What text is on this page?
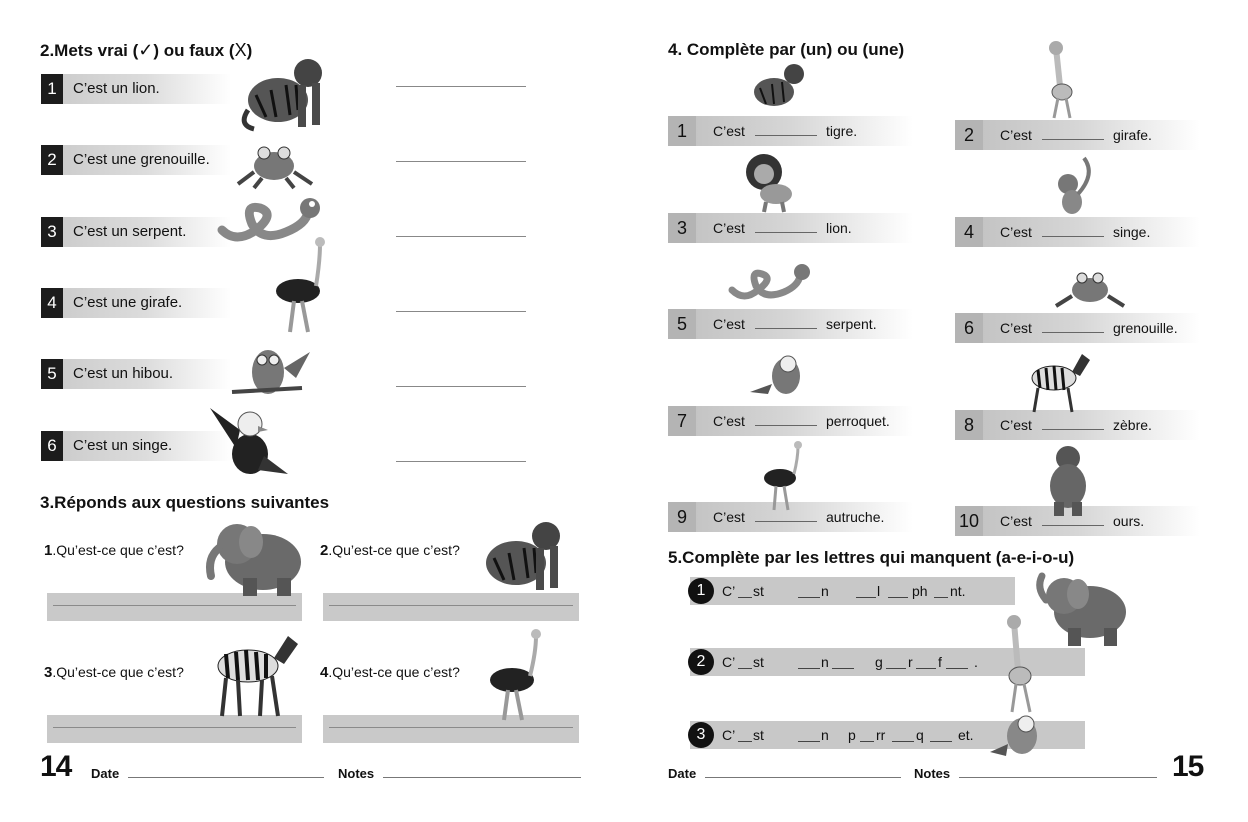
2.Mets vrai (✓) ou faux (X)
1	C’est un lion.
2	C’est une grenouille.
3	C’est un serpent.
4	C’est une girafe.
5	C’est un hibou.
6	C’est un singe.
3.Réponds aux questions suivantes
1.Qu’est-ce que c’est?	2.Qu’est-ce que c’est?
3.Qu’est-ce que c’est?	4.Qu’est-ce que c’est?
14 Date	Notes
4. Complète par (un) ou (une)
1	C’est	tigre.
3	C’est	lion.
5	C’est	serpent.
7	C’est	perroquet.
9	C’est	autruche.
2	C’est	girafe.
4	C’est	singe.
6	C’est	grenouille.
8	C’est	zèbre.
10 C’est	ours.
5.Complète par les lettres qui manquent (a-e-i-o-u)
1	C’ st	n	l ph nt.
2	C’ st	n	g r f .
3	C’ st	n p rr q et.
Date	Notes	15
